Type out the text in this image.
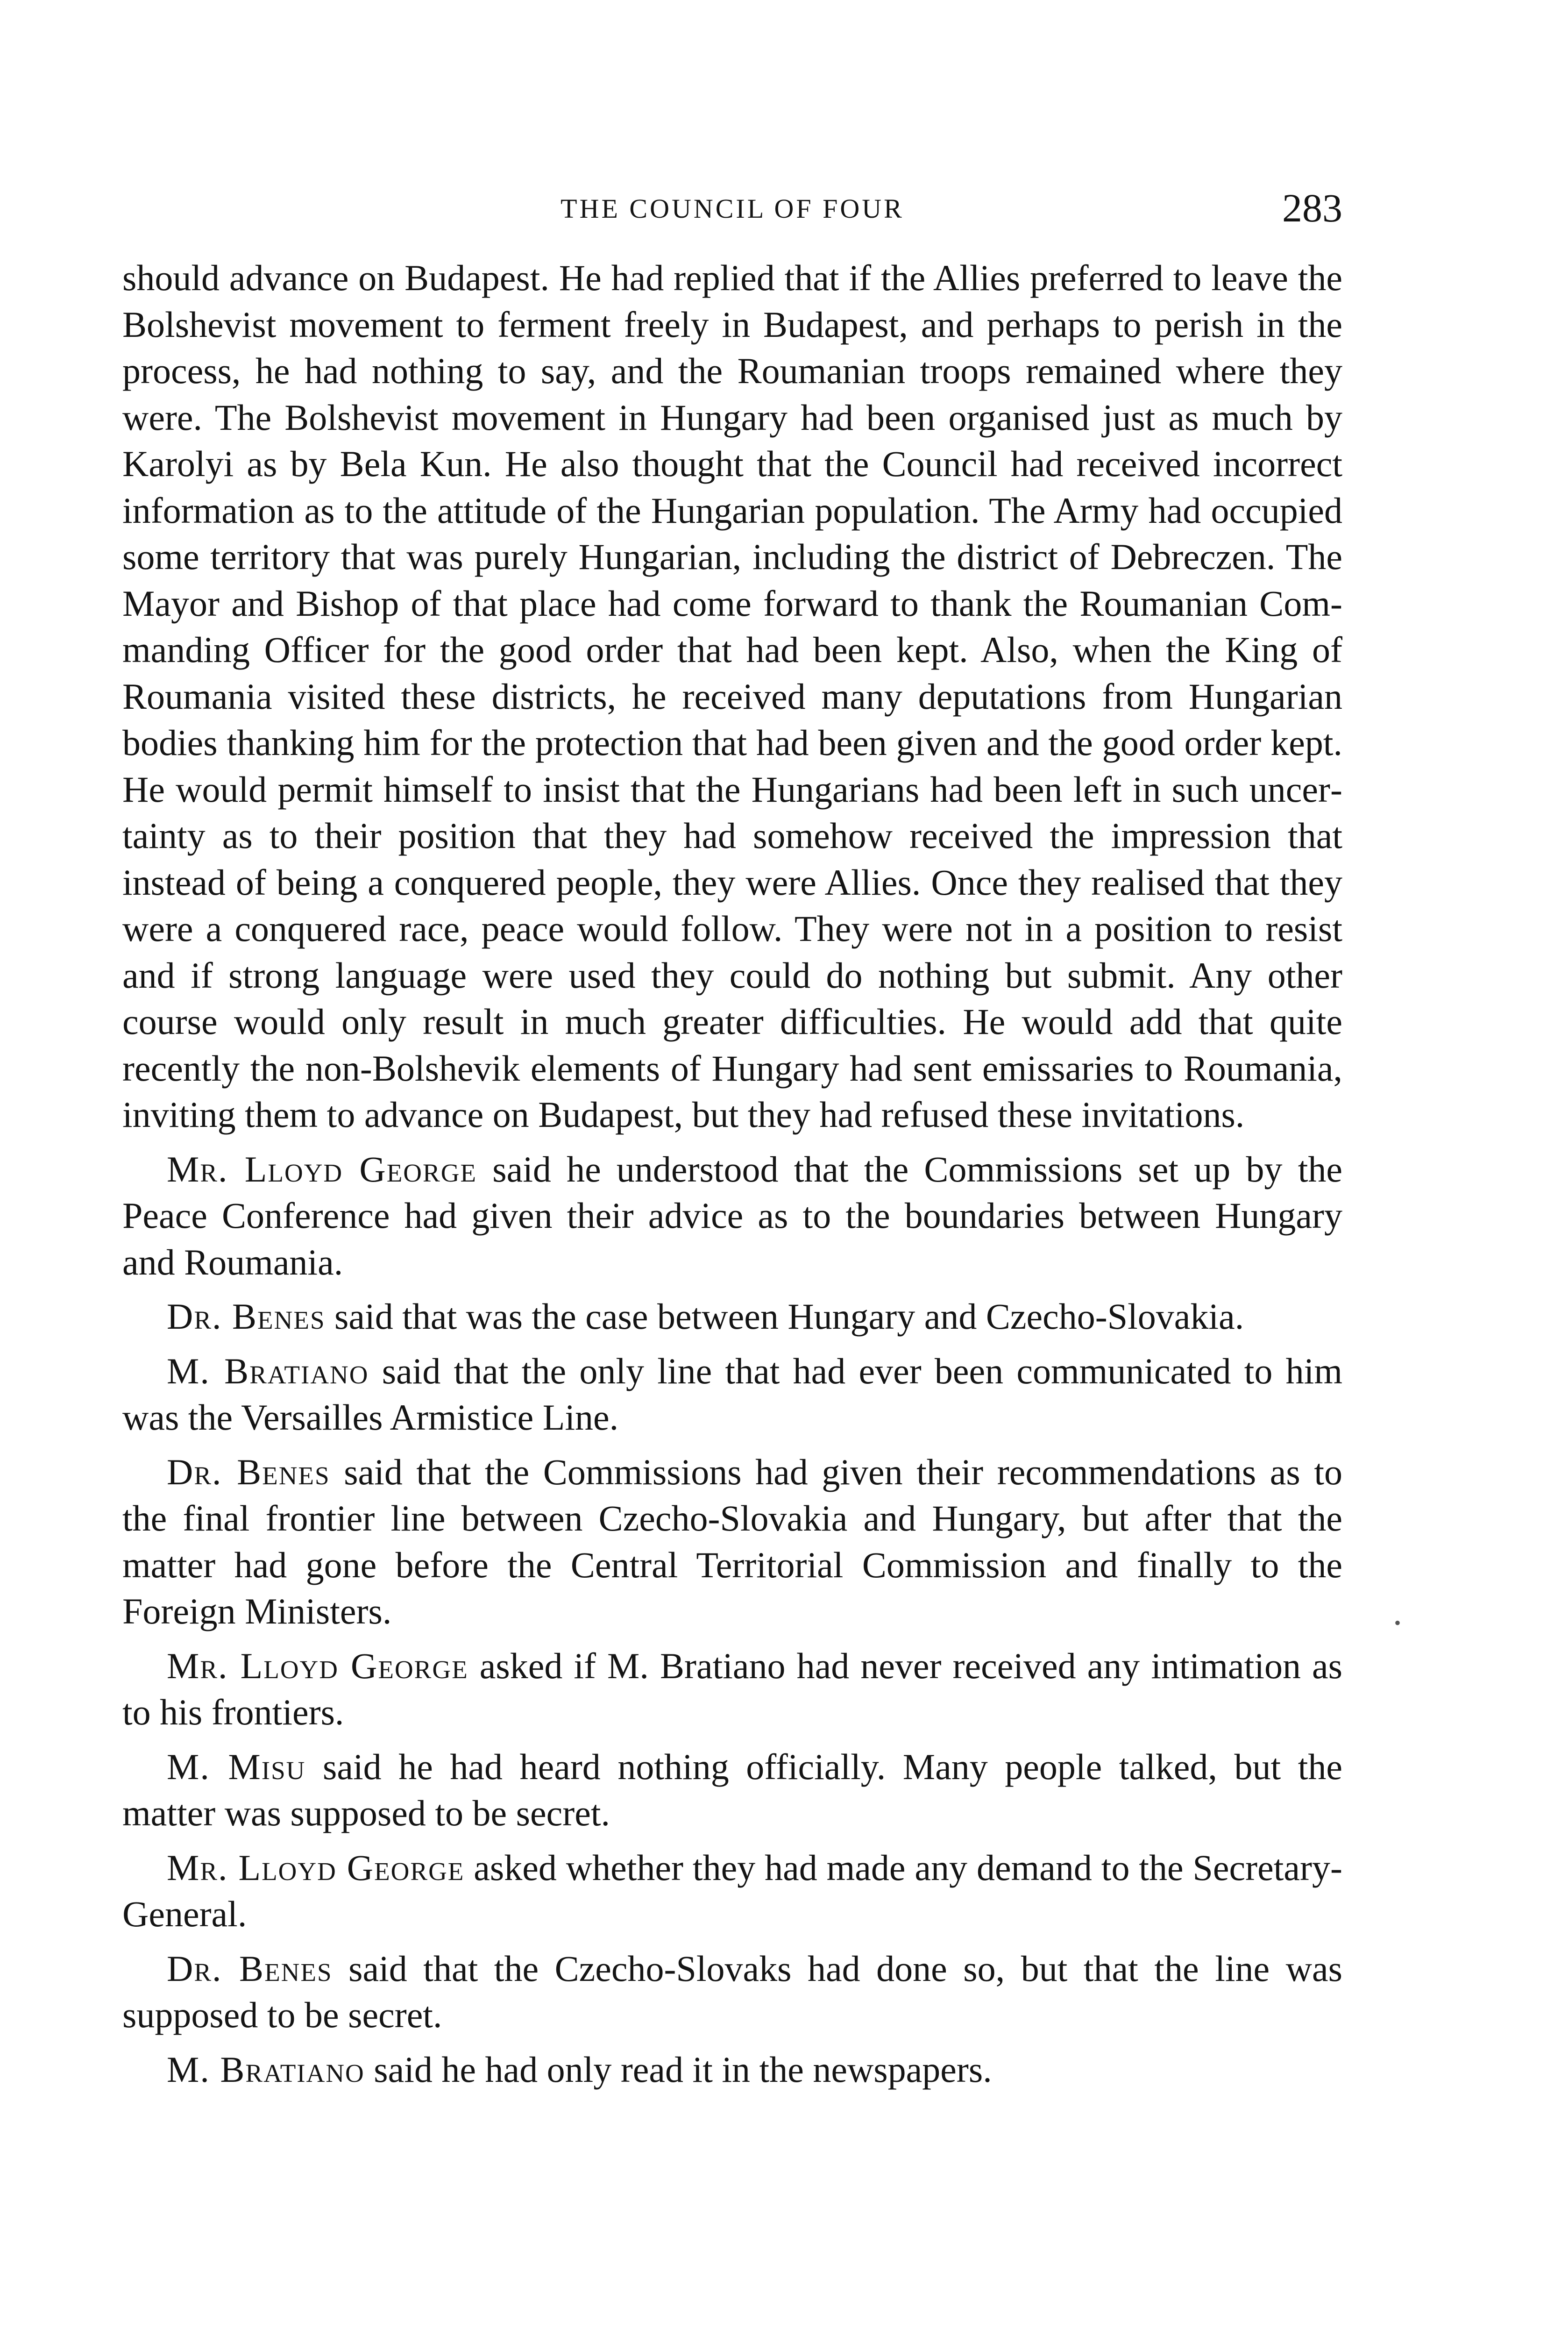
THE COUNCIL OF FOUR	283

should advance on Budapest. He had replied that if the Allies preferred to leave the Bolshevist movement to ferment freely in Budapest, and perhaps to perish in the process, he had nothing to say, and the Roumanian troops remained where they were. The Bolshevist movement in Hungary had been organised just as much by Karolyi as by Bela Kun. He also thought that the Council had received incorrect information as to the attitude of the Hungarian population. The Army had occupied some territory that was purely Hungarian, including the district of Debreczen. The Mayor and Bishop of that place had come forward to thank the Roumanian Commanding Officer for the good order that had been kept. Also, when the King of Roumania visited these districts, he received many deputations from Hungarian bodies thanking him for the protection that had been given and the good order kept. He would permit himself to insist that the Hungarians had been left in such uncertainty as to their position that they had somehow received the impression that instead of being a conquered people, they were Allies. Once they realised that they were a conquered race, peace would follow. They were not in a position to resist and if strong language were used they could do nothing but submit. Any other course would only result in much greater difficulties. He would add that quite recently the non-Bolshevik elements of Hungary had sent emissaries to Roumania, inviting them to advance on Budapest, but they had refused these invitations.

Mr. Lloyd George said he understood that the Commissions set up by the Peace Conference had given their advice as to the boundaries between Hungary and Roumania.

Dr. Benes said that was the case between Hungary and Czecho-Slovakia.

M. Bratiano said that the only line that had ever been communicated to him was the Versailles Armistice Line.

Dr. Benes said that the Commissions had given their recommendations as to the final frontier line between Czecho-Slovakia and Hungary, but after that the matter had gone before the Central Territorial Commission and finally to the Foreign Ministers.

Mr. Lloyd George asked if M. Bratiano had never received any intimation as to his frontiers.

M. Misu said he had heard nothing officially. Many people talked, but the matter was supposed to be secret.

Mr. Lloyd George asked whether they had made any demand to the Secretary-General.

Dr. Benes said that the Czecho-Slovaks had done so, but that the line was supposed to be secret.

M. Bratiano said he had only read it in the newspapers.

•
